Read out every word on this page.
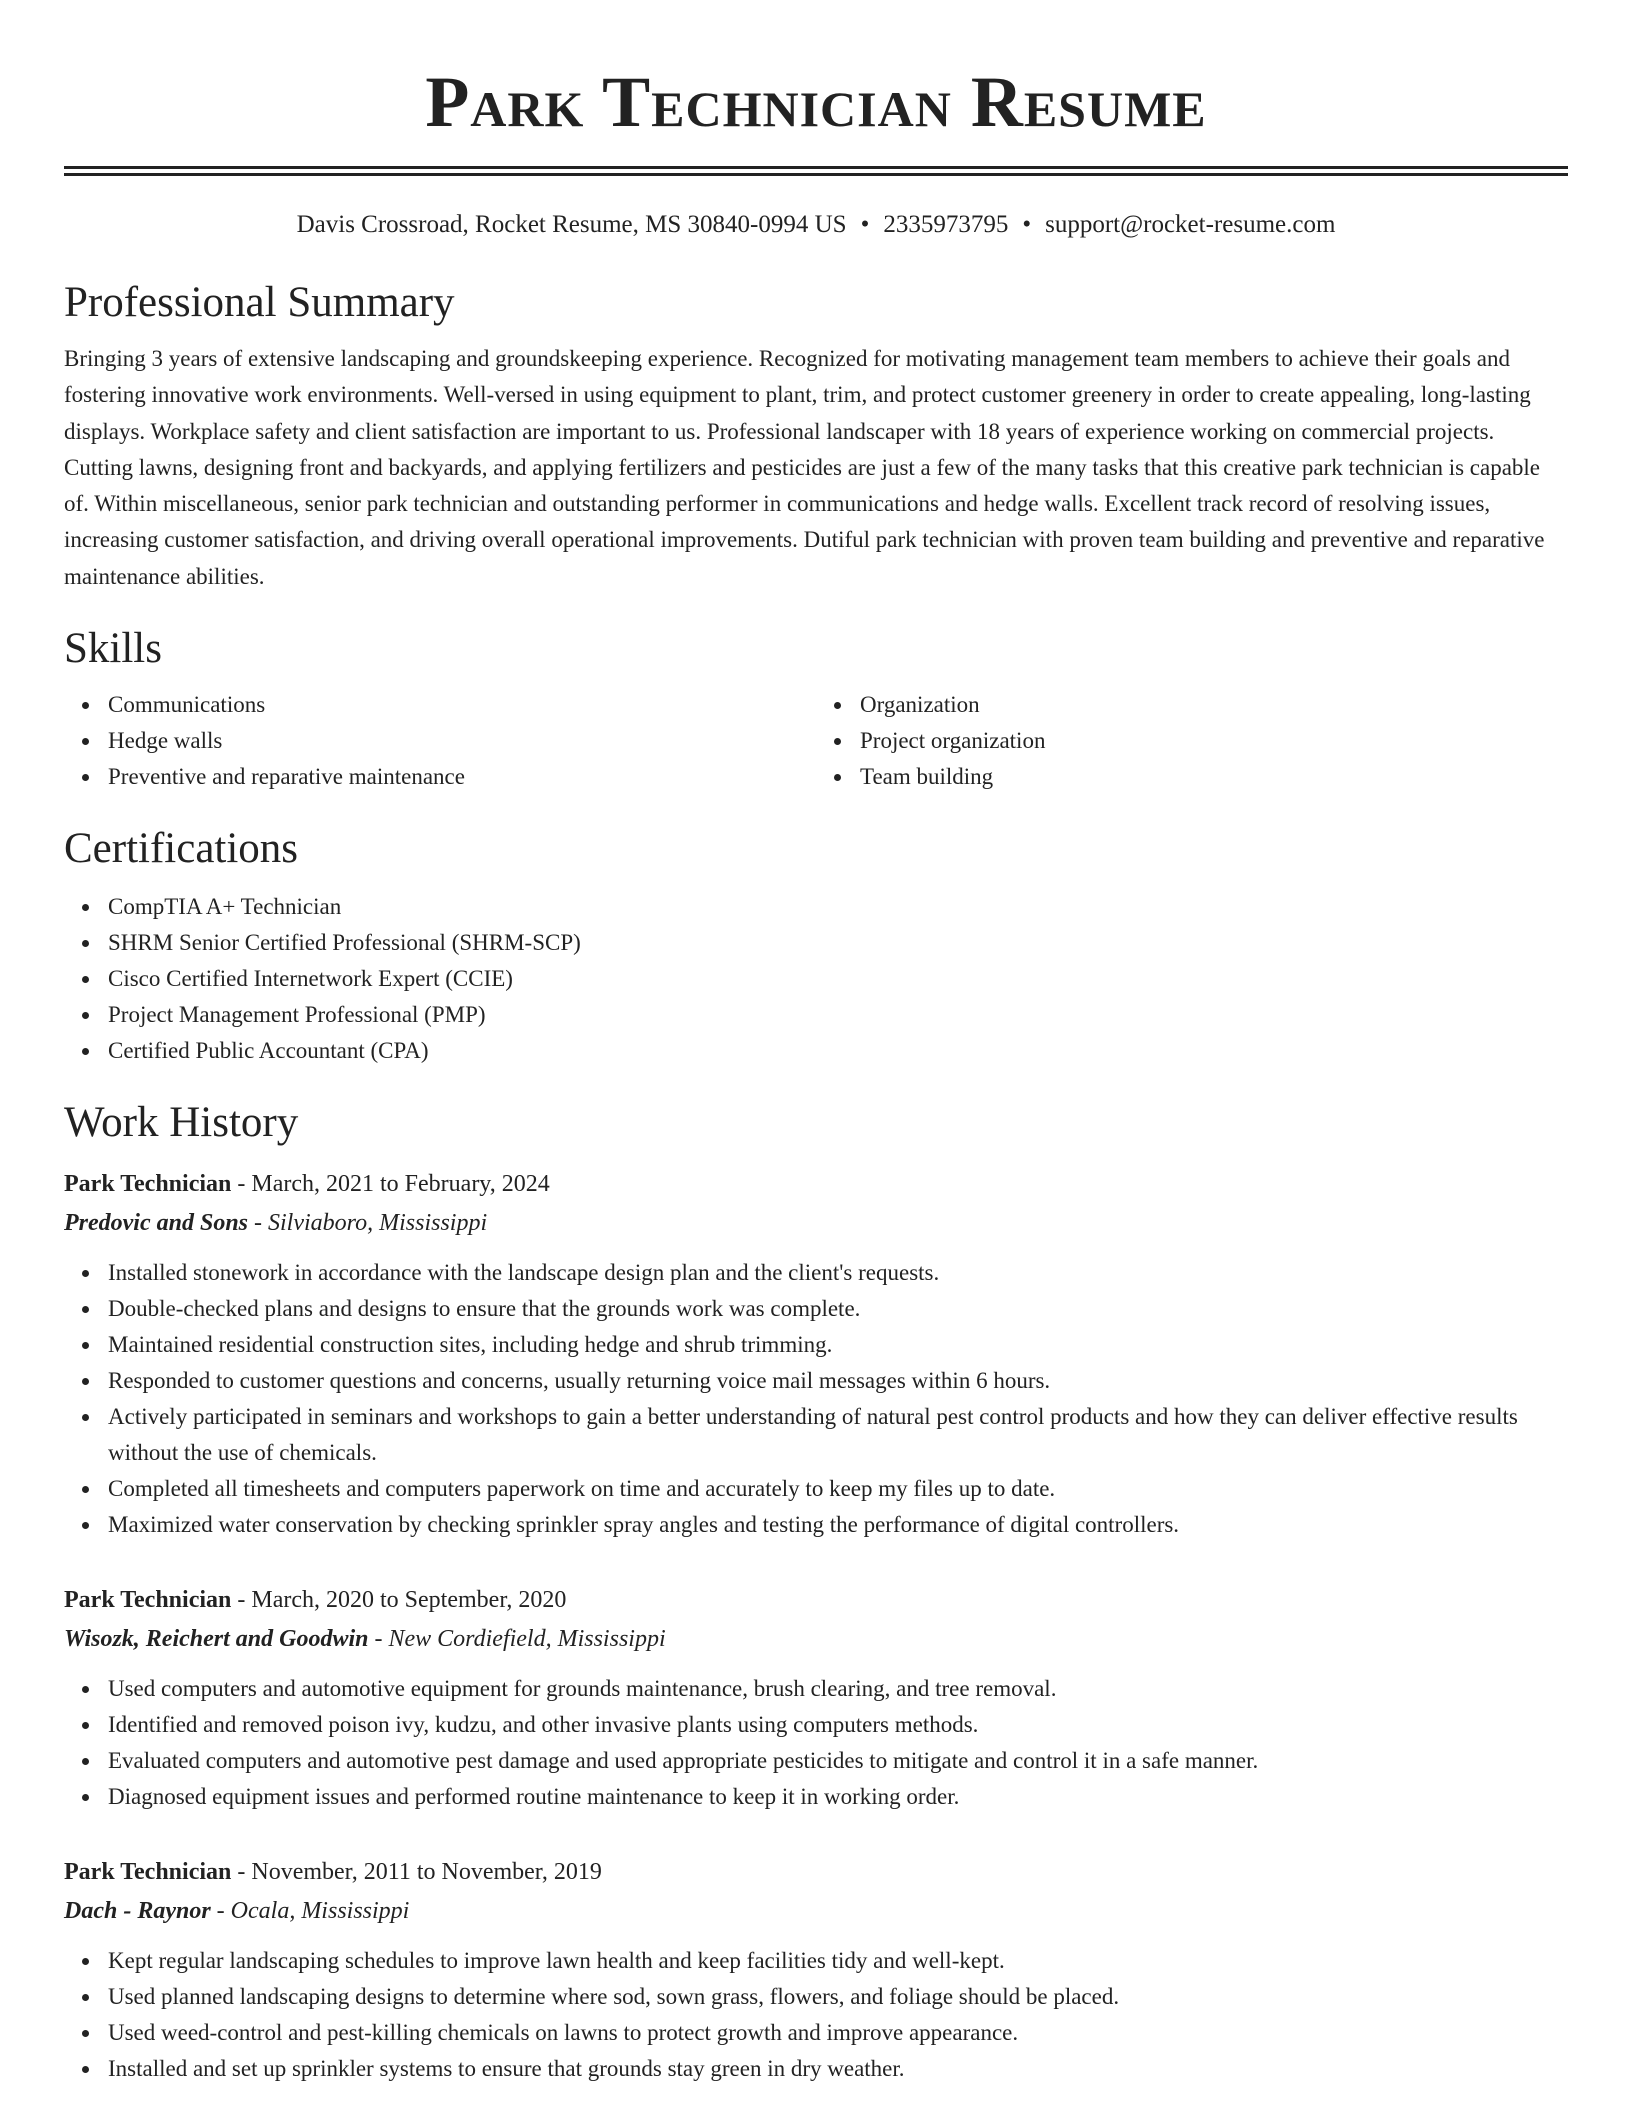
Park Technician Resume
Davis Crossroad, Rocket Resume, MS 30840-0994 US • 2335973795 • support@rocket-resume.com
Professional Summary

Bringing 3 years of extensive landscaping and groundskeeping experience. Recognized for motivating management team members to achieve their goals and fostering innovative work environments. Well-versed in using equipment to plant, trim, and protect customer greenery in order to create appealing, long-lasting displays. Workplace safety and client satisfaction are important to us. Professional landscaper with 18 years of experience working on commercial projects. Cutting lawns, designing front and backyards, and applying fertilizers and pesticides are just a few of the many tasks that this creative park technician is capable of. Within miscellaneous, senior park technician and outstanding performer in communications and hedge walls. Excellent track record of resolving issues, increasing customer satisfaction, and driving overall operational improvements. Dutiful park technician with proven team building and preventive and reparative maintenance abilities.

Skills
Communications
Hedge walls
Preventive and reparative maintenance
Organization
Project organization
Team building
Certifications
CompTIA A+ Technician
SHRM Senior Certified Professional (SHRM-SCP)
Cisco Certified Internetwork Expert (CCIE)
Project Management Professional (PMP)
Certified Public Accountant (CPA)
Work History
Park Technician - March, 2021 to February, 2024
Predovic and Sons - Silviaboro, Mississippi
Installed stonework in accordance with the landscape design plan and the client's requests.
Double-checked plans and designs to ensure that the grounds work was complete.
Maintained residential construction sites, including hedge and shrub trimming.
Responded to customer questions and concerns, usually returning voice mail messages within 6 hours.
Actively participated in seminars and workshops to gain a better understanding of natural pest control products and how they can deliver effective results without the use of chemicals.
Completed all timesheets and computers paperwork on time and accurately to keep my files up to date.
Maximized water conservation by checking sprinkler spray angles and testing the performance of digital controllers.
Park Technician - March, 2020 to September, 2020
Wisozk, Reichert and Goodwin - New Cordiefield, Mississippi
Used computers and automotive equipment for grounds maintenance, brush clearing, and tree removal.
Identified and removed poison ivy, kudzu, and other invasive plants using computers methods.
Evaluated computers and automotive pest damage and used appropriate pesticides to mitigate and control it in a safe manner.
Diagnosed equipment issues and performed routine maintenance to keep it in working order.
Park Technician - November, 2011 to November, 2019
Dach - Raynor - Ocala, Mississippi
Kept regular landscaping schedules to improve lawn health and keep facilities tidy and well-kept.
Used planned landscaping designs to determine where sod, sown grass, flowers, and foliage should be placed.
Used weed-control and pest-killing chemicals on lawns to protect growth and improve appearance.
Installed and set up sprinkler systems to ensure that grounds stay green in dry weather.
